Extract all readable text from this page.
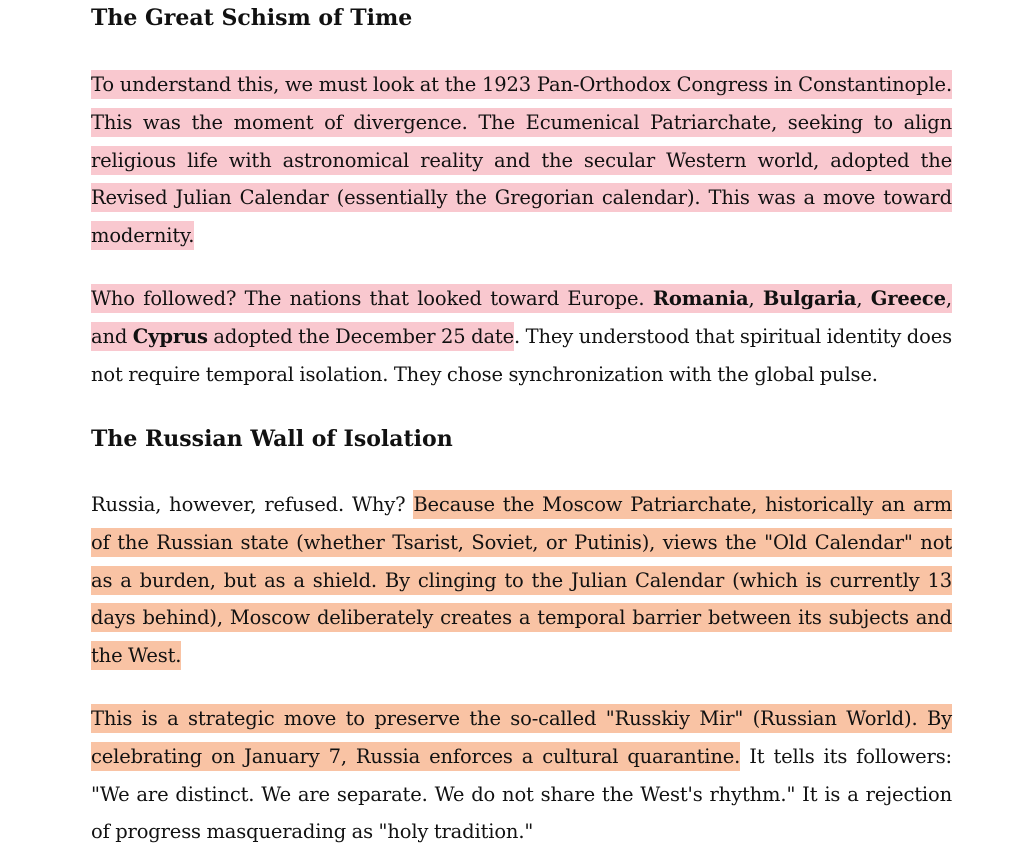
The Great Schism of Time

To understand this, we must look at the 1923 Pan-Orthodox Congress in Constantinople. This was the moment of divergence. The Ecumenical Patriarchate, seeking to align religious life with astronomical reality and the secular Western world, adopted the Revised Julian Calendar (essentially the Gregorian calendar). This was a move toward modernity.

Who followed? The nations that looked toward Europe. Romania, Bulgaria, Greece, and Cyprus adopted the December 25 date. They understood that spiritual identity does not require temporal isolation. They chose synchronization with the global pulse.

The Russian Wall of Isolation

Russia, however, refused. Why? Because the Moscow Patriarchate, historically an arm of the Russian state (whether Tsarist, Soviet, or Putinis), views the "Old Calendar" not as a burden, but as a shield. By clinging to the Julian Calendar (which is currently 13 days behind), Moscow deliberately creates a temporal barrier between its subjects and the West.

This is a strategic move to preserve the so-called "Russkiy Mir" (Russian World). By celebrating on January 7, Russia enforces a cultural quarantine. It tells its followers: "We are distinct. We are separate. We do not share the West's rhythm." It is a rejection of progress masquerading as "holy tradition."
